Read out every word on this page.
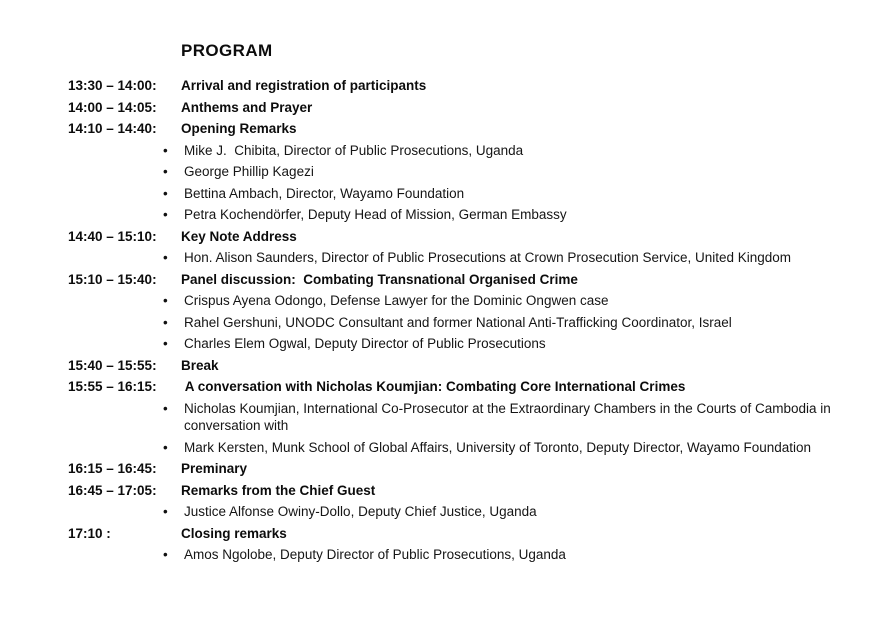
PROGRAM
13:30 – 14:00:	Arrival and registration of participants
14:00 – 14:05:	Anthems and Prayer
14:10 – 14:40:	Opening Remarks
•	Mike J.  Chibita, Director of Public Prosecutions, Uganda
•	George Phillip Kagezi
•	Bettina Ambach, Director, Wayamo Foundation
•	Petra Kochendörfer, Deputy Head of Mission, German Embassy
14:40 – 15:10:	Key Note Address
•	Hon. Alison Saunders, Director of Public Prosecutions at Crown Prosecution Service, United Kingdom
15:10 – 15:40:	Panel discussion:  Combating Transnational Organised Crime
•	Crispus Ayena Odongo, Defense Lawyer for the Dominic Ongwen case
•	Rahel Gershuni, UNODC Consultant and former National Anti-Trafficking Coordinator, Israel
•	Charles Elem Ogwal, Deputy Director of Public Prosecutions
15:40 – 15:55:	Break
15:55 – 16:15:	A conversation with Nicholas Koumjian: Combating Core International Crimes
•	Nicholas Koumjian, International Co-Prosecutor at the Extraordinary Chambers in the Courts of Cambodia in conversation with
•	Mark Kersten, Munk School of Global Affairs, University of Toronto, Deputy Director, Wayamo Foundation
16:15 – 16:45:	Preminary
16:45 – 17:05:	Remarks from the Chief Guest
•	Justice Alfonse Owiny-Dollo, Deputy Chief Justice, Uganda
17:10 :	Closing remarks
•	Amos Ngolobe, Deputy Director of Public Prosecutions, Uganda
